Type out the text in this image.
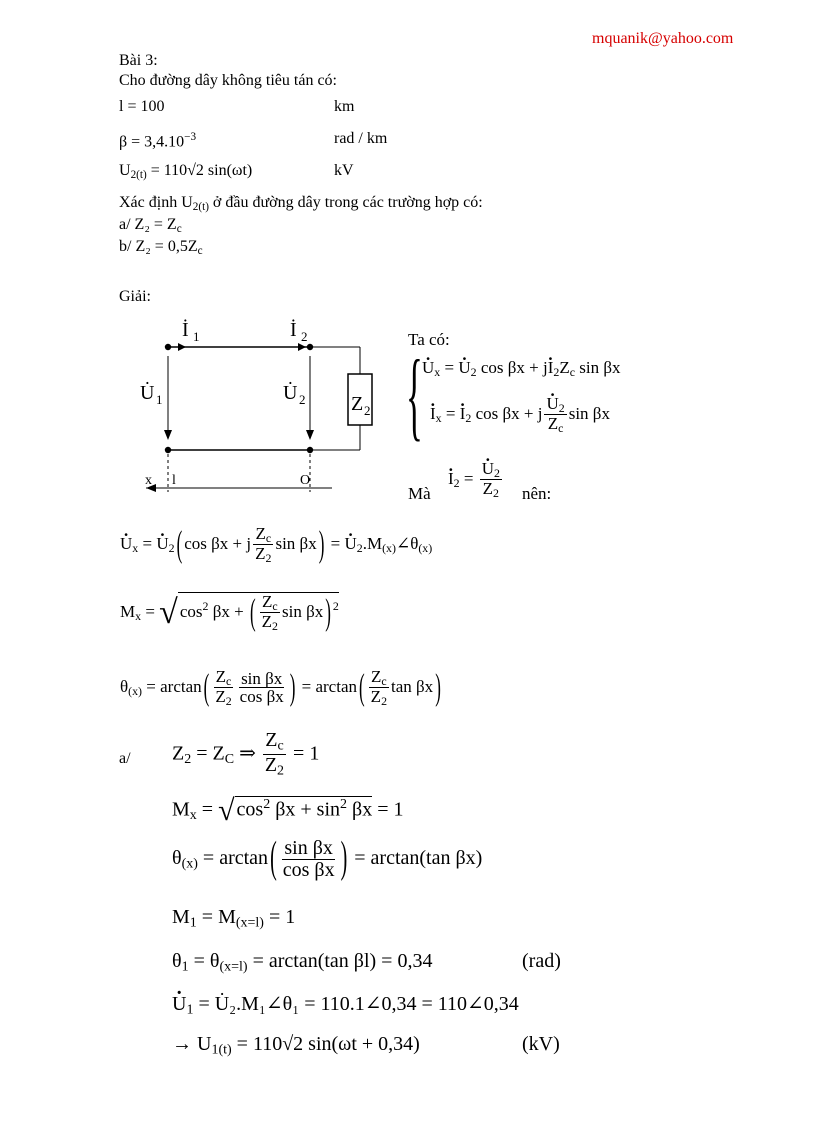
mquanik@yahoo.com
Bài 3:
Cho đường dây không tiêu tán có:
l = 100	km
$\beta = 3,4.10^{-3}$	rad / km
$U_{2(t)} = 110√2$ sin(ωt)	kV
Xác định $U_{2(t)}$ ở đầu đường dây trong các trường hợp có:
a/ $Z_2 = Z_c$
b/ $Z_2 = 0,5Z_c$
Giải:
İ 1	İ 2
U̇ 1	U̇ 2 Z 2
x l	O
Ta có:
{
· $U_x$ = · $U_2$ $\cos \beta x + j\cdot I_2Z_c$ sin βx
· $I_x$ = · $I_2$ cos βx + j
· $\frac{U_2}{Z_c}$ sin βx
Mà
· $I_2$ =
· $\frac{U_2}{Z_2}$ nên:
· $U_x$ = · $U_2$ ( cos βx + j $\frac{Z_c}{Z_2}$ sin βx ) = · $U_2.M_{(x)}\angle\theta_{(x)}$
$M_x$ = √ $\cos^2 \beta x$ + ( $\frac{Z_c}{Z_2}$ sin βx ) $^2$
$\theta_{(x)} = \arctan$ ( $\frac{Z_c}{Z_2} \frac{\text{sin βx}}{\text{cos βx}}$ ) = arctan ( $\frac{Z_c}{Z_2}$ tan βx )
a/ $Z_2 = Z_C$ ⇒ $\frac{Z_c}{Z_2} = 1$
$M_x$ = √ $\cos^2 \beta x + \sin^2 \beta x = 1$
$\theta_{(x)} = \arctan$ ( $\frac{\text{sin βx}}{\text{cos βx}}$ ) = arctan(tan βx)
$M_1 = M_{(x=l)} = 1$
$\theta_1 = \theta_{(x=l)} = \arctan(\tan$ βl) = 0,34	(rad)
· $U_1$ = U̇₂.M₁∠θ₁ = 110.1∠0,34 = 110∠0,34
→ $U_{1(t)} = 110√2$ sin(ωt + 0,34)	(kV)
